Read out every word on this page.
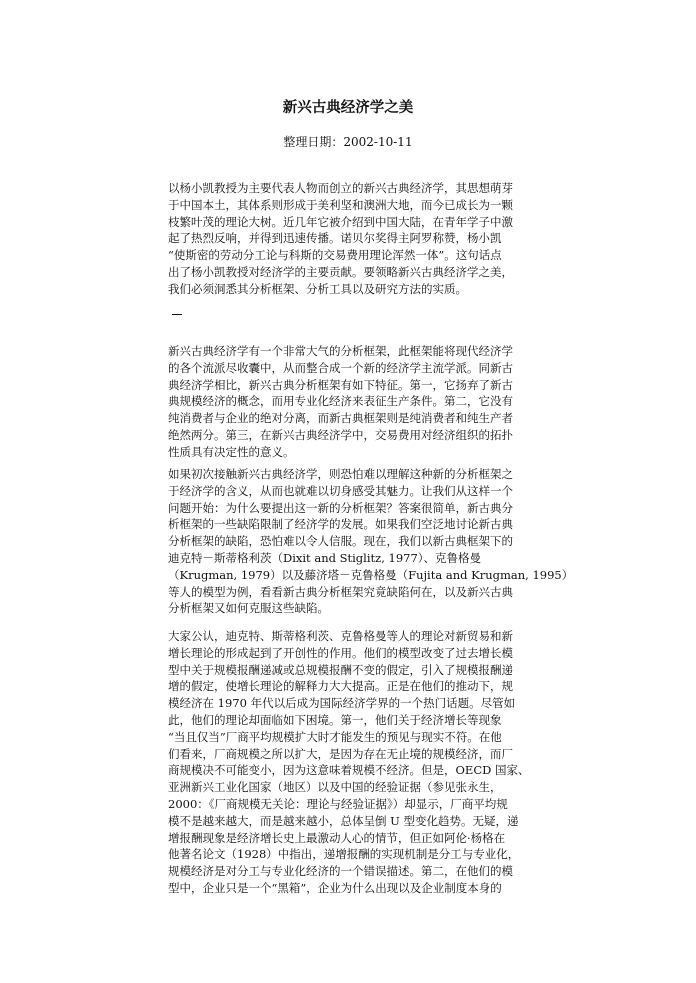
新兴古典经济学之美

整理日期：2002-10-11

以杨小凯教授为主要代表人物而创立的新兴古典经济学，其思想萌芽
于中国本土，其体系则形成于美利坚和澳洲大地，而今已成长为一颗
枝繁叶茂的理论大树。近几年它被介绍到中国大陆，在青年学子中激
起了热烈反响，并得到迅速传播。诺贝尔奖得主阿罗称赞，杨小凯
“使斯密的劳动分工论与科斯的交易费用理论浑然一体”。这句话点
出了杨小凯教授对经济学的主要贡献。要领略新兴古典经济学之美，
我们必须洞悉其分析框架、分析工具以及研究方法的实质。
新兴古典经济学有一个非常大气的分析框架，此框架能将现代经济学
的各个流派尽收囊中，从而整合成一个新的经济学主流学派。同新古
典经济学相比，新兴古典分析框架有如下特征。第一，它扬弃了新古
典规模经济的概念，而用专业化经济来表征生产条件。第二，它没有
纯消费者与企业的绝对分离，而新古典框架则是纯消费者和纯生产者
绝然两分。第三，在新兴古典经济学中，交易费用对经济组织的拓扑
性质具有决定性的意义。
如果初次接触新兴古典经济学，则恐怕难以理解这种新的分析框架之
于经济学的含义，从而也就难以切身感受其魅力。让我们从这样一个
问题开始：为什么要提出这一新的分析框架？答案很简单，新古典分
析框架的一些缺陷限制了经济学的发展。如果我们空泛地讨论新古典
分析框架的缺陷，恐怕难以令人信服。现在，我们以新古典框架下的
迪克特－斯蒂格利茨（Dixit and Stiglitz, 1977）、克鲁格曼
（Krugman, 1979）以及藤济塔－克鲁格曼（Fujita and Krugman, 1995）
等人的模型为例，看看新古典分析框架究竟缺陷何在，以及新兴古典
分析框架又如何克服这些缺陷。
大家公认，迪克特、斯蒂格利茨、克鲁格曼等人的理论对新贸易和新
增长理论的形成起到了开创性的作用。他们的模型改变了过去增长模
型中关于规模报酬递减或总规模报酬不变的假定，引入了规模报酬递
增的假定，使增长理论的解释力大大提高。正是在他们的推动下，规
模经济在 1970 年代以后成为国际经济学界的一个热门话题。尽管如
此，他们的理论却面临如下困境。第一，他们关于经济增长等现象
“当且仅当”厂商平均规模扩大时才能发生的预见与现实不符。在他
们看来，厂商规模之所以扩大，是因为存在无止境的规模经济，而厂
商规模决不可能变小，因为这意味着规模不经济。但是，OECD 国家、
亚洲新兴工业化国家（地区）以及中国的经验证据（参见张永生，
2000：《厂商规模无关论：理论与经验证据》）却显示，厂商平均规
模不是越来越大，而是越来越小，总体呈倒 U 型变化趋势。无疑，递
增报酬现象是经济增长史上最激动人心的情节，但正如阿伦·杨格在
他著名论文（1928）中指出，递增报酬的实现机制是分工与专业化，
规模经济是对分工与专业化经济的一个错误描述。第二，在他们的模
型中，企业只是一个“黑箱”，企业为什么出现以及企业制度本身的
